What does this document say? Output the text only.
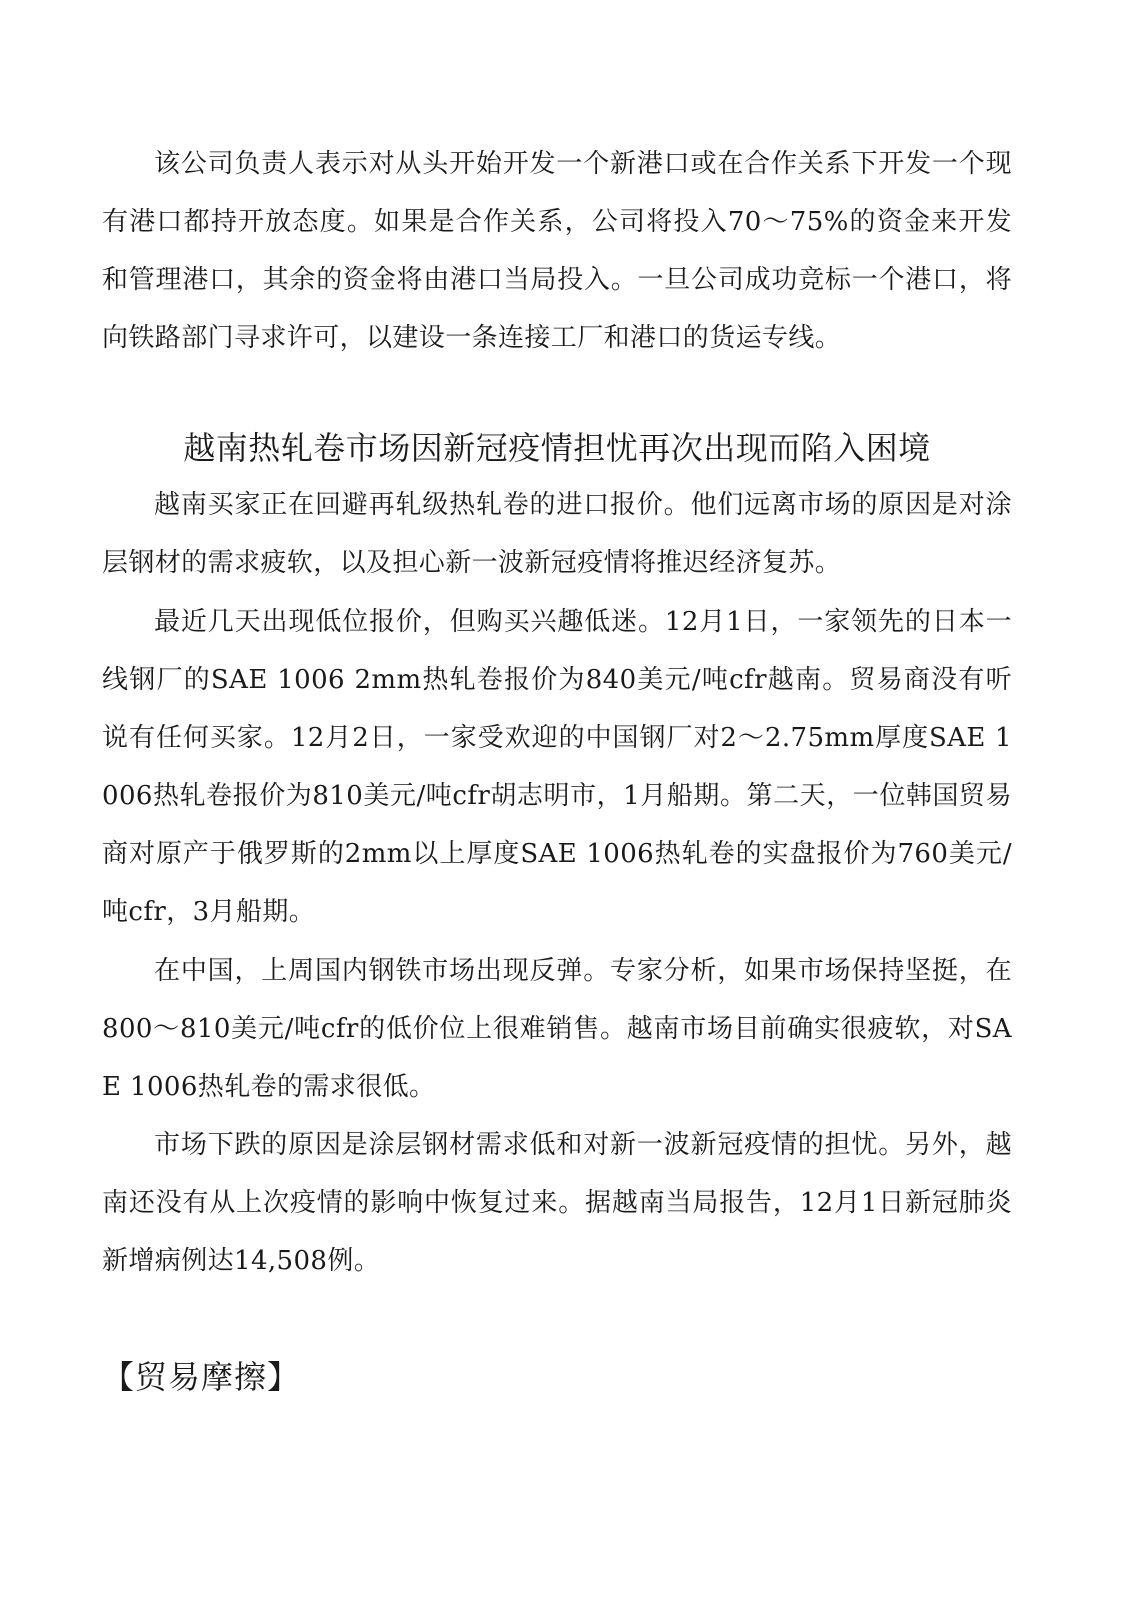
该公司负责人表示对从头开始开发一个新港口或在合作关系下开发一个现有港口都持开放态度。如果是合作关系，公司将投入70～75%的资金来开发和管理港口，其余的资金将由港口当局投入。一旦公司成功竞标一个港口，将向铁路部门寻求许可，以建设一条连接工厂和港口的货运专线。

越南热轧卷市场因新冠疫情担忧再次出现而陷入困境

越南买家正在回避再轧级热轧卷的进口报价。他们远离市场的原因是对涂层钢材的需求疲软，以及担心新一波新冠疫情将推迟经济复苏。

最近几天出现低位报价，但购买兴趣低迷。12月1日，一家领先的日本一线钢厂的SAE 1006 2mm热轧卷报价为840美元/吨cfr越南。贸易商没有听说有任何买家。12月2日，一家受欢迎的中国钢厂对2～2.75mm厚度SAE 1006热轧卷报价为810美元/吨cfr胡志明市，1月船期。第二天，一位韩国贸易商对原产于俄罗斯的2mm以上厚度SAE 1006热轧卷的实盘报价为760美元/吨cfr，3月船期。

在中国，上周国内钢铁市场出现反弹。专家分析，如果市场保持坚挺，在800～810美元/吨cfr的低价位上很难销售。越南市场目前确实很疲软，对SAE 1006热轧卷的需求很低。

市场下跌的原因是涂层钢材需求低和对新一波新冠疫情的担忧。另外，越南还没有从上次疫情的影响中恢复过来。据越南当局报告，12月1日新冠肺炎新增病例达14,508例。

【贸易摩擦】
